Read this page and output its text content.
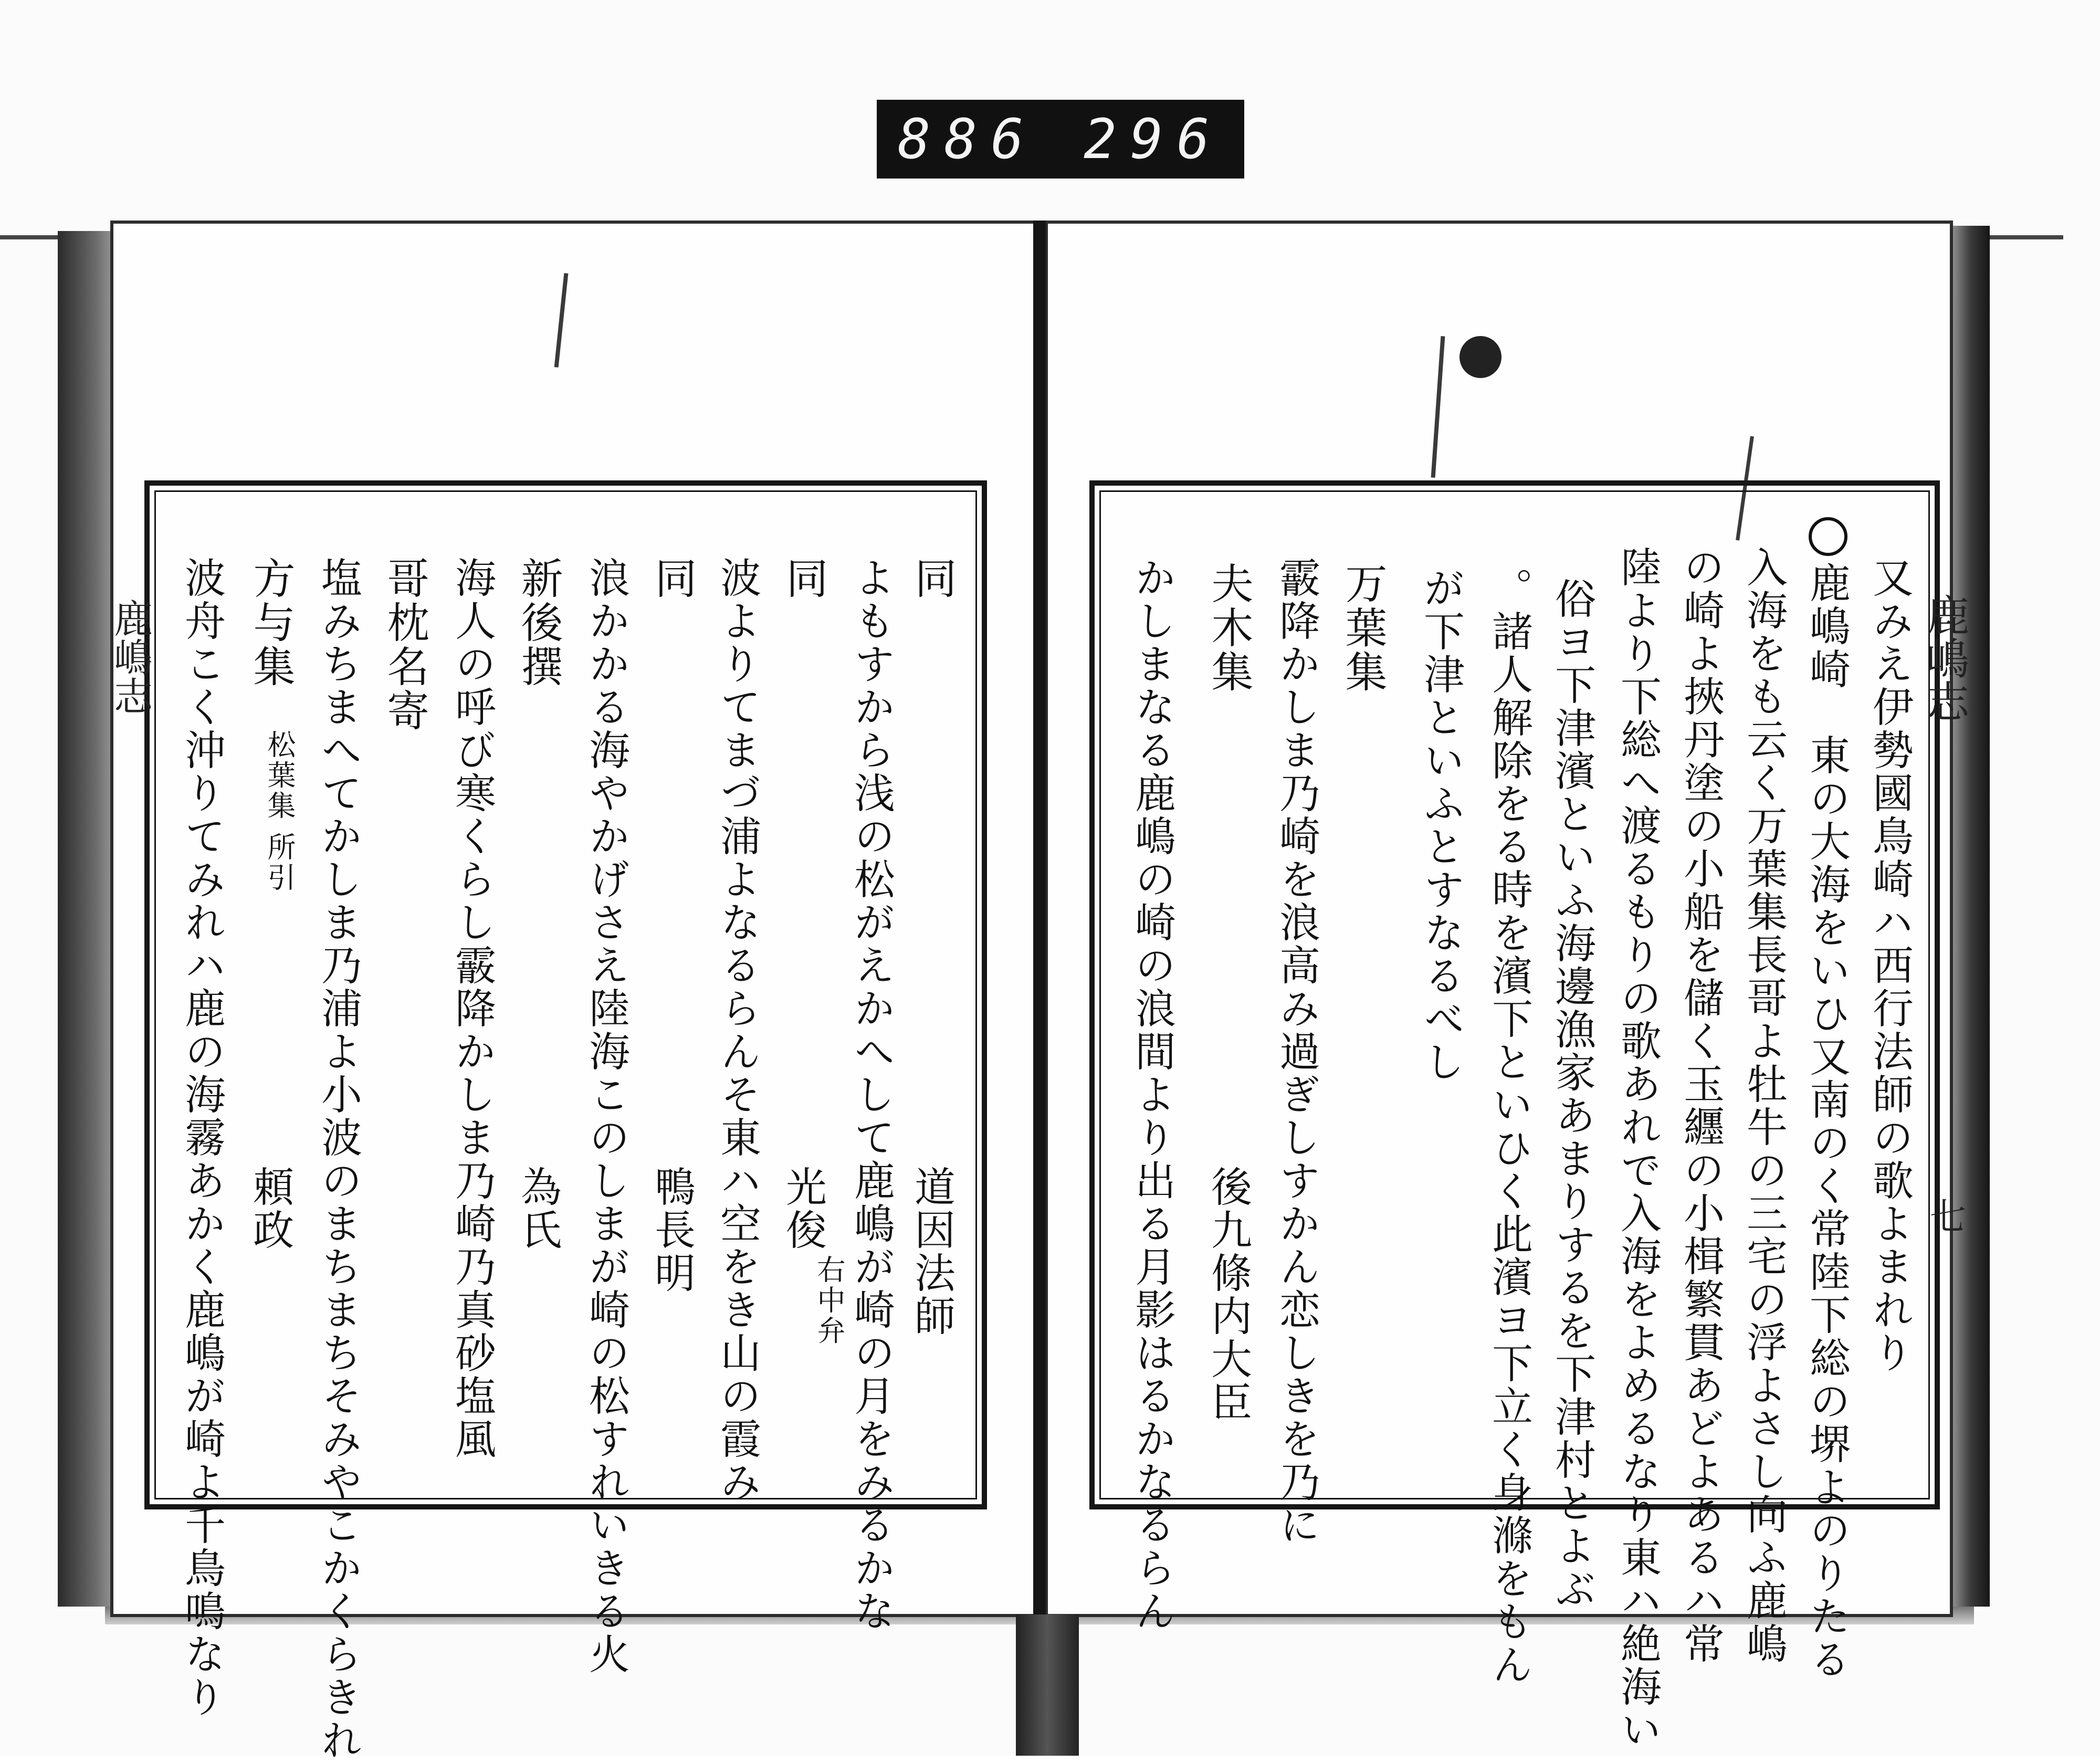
886 296
鹿嶋志
七
鹿嶋志	又みえ伊勢國鳥崎ハ西行法師の歌よまれり
鹿嶋崎　東の大海をいひ又南のく常陸下総の堺よのりたる
入海をも云く万葉集長哥よ牡牛の三宅の浮よさし向ふ鹿嶋
の崎よ挾丹塗の小船を儲く玉纒の小楫繁貫あどよあるハ常
陸より下総へ渡るもりの歌あれで入海をよめるなり東ハ絶海い
俗ヨ下津濱といふ海邊漁家あまりするを下津村とよぶ
。諸人解除をる時を濱下といひく此濱ヨ下立く身滌をもん
が下津といふとすなるべし
万葉集
霰降かしま乃崎を浪高み過ぎしすかん恋しきを乃に
夫木集
後九條内大臣
かしまなる鹿嶋の崎の浪間より出る月影はるかなるらん
同
道因法師
よもすから浅の松がえかへして鹿嶋が崎の月をみるかな
同
光俊
右中弁
波よりてまづ浦よなるらんそ東ハ空をき山の霞み
同
鴨長明
浪かかる海やかげさえ陸海このしまが崎の松すれいきる火
新後撰
為氏
海人の呼び寒くらし霰降かしま乃崎乃真砂塩風
哥枕名寄
塩みちまへてかしま乃浦よ小波のまちまちそみやこかくらきれ
方与集
松葉集 所引
頼政
波舟こく沖りてみれハ鹿の海霧あかく鹿嶋が崎よ千鳥鳴なり
